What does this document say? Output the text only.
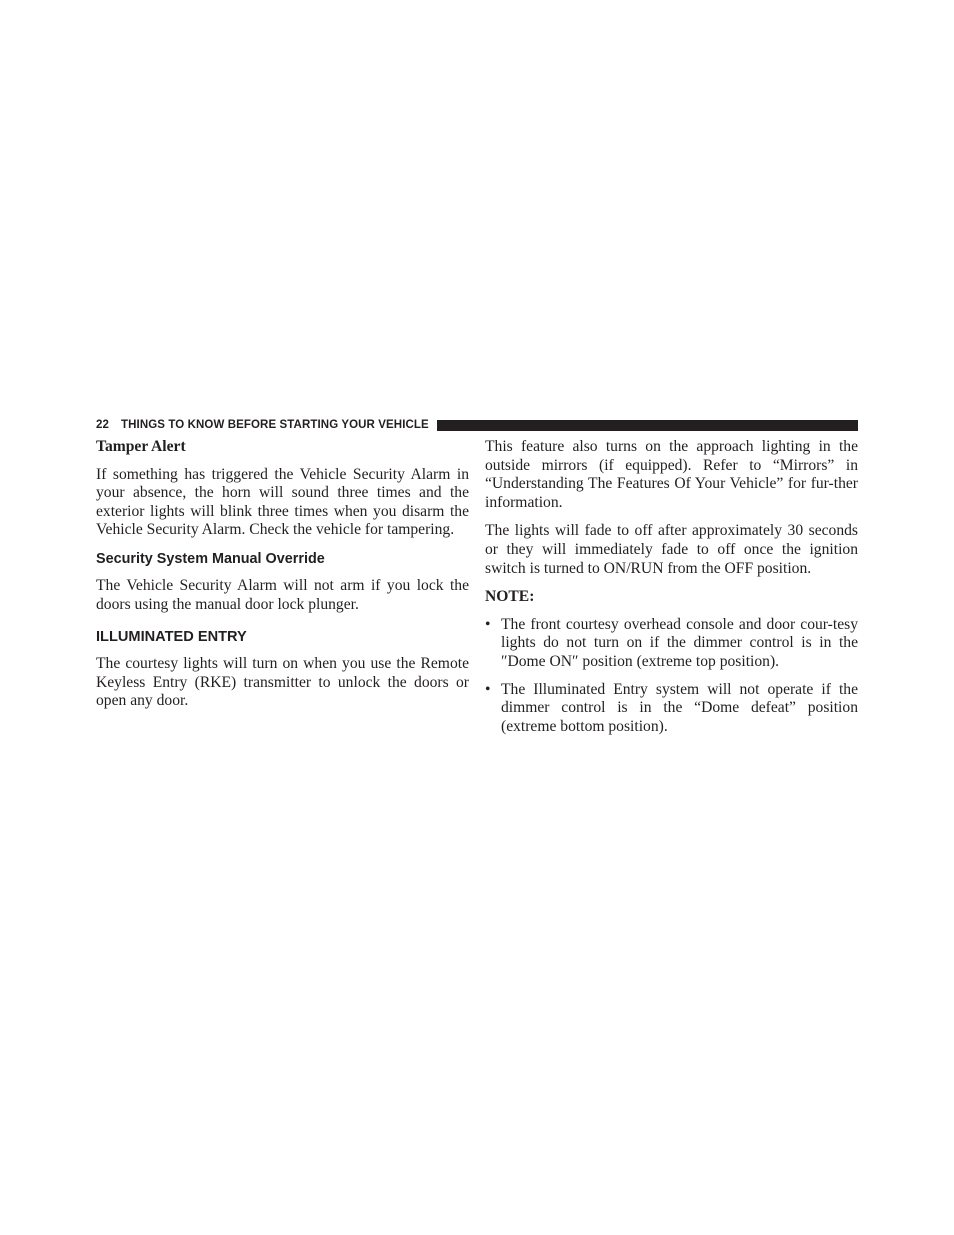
22 THINGS TO KNOW BEFORE STARTING YOUR VEHICLE
Tamper Alert

If something has triggered the Vehicle Security Alarm in your absence, the horn will sound three times and the exterior lights will blink three times when you disarm the Vehicle Security Alarm. Check the vehicle for tampering.

Security System Manual Override

The Vehicle Security Alarm will not arm if you lock the doors using the manual door lock plunger.

ILLUMINATED ENTRY

The courtesy lights will turn on when you use the Remote Keyless Entry (RKE) transmitter to unlock the doors or open any door.

This feature also turns on the approach lighting in the outside mirrors (if equipped). Refer to “Mirrors” in “Understanding The Features Of Your Vehicle” for fur-ther information.

The lights will fade to off after approximately 30 seconds or they will immediately fade to off once the ignition switch is turned to ON/RUN from the OFF position.

NOTE:
• The front courtesy overhead console and door cour-tesy lights do not turn on if the dimmer control is in the ″Dome ON″ position (extreme top position).
• The Illuminated Entry system will not operate if the dimmer control is in the “Dome defeat” position (extreme bottom position).
